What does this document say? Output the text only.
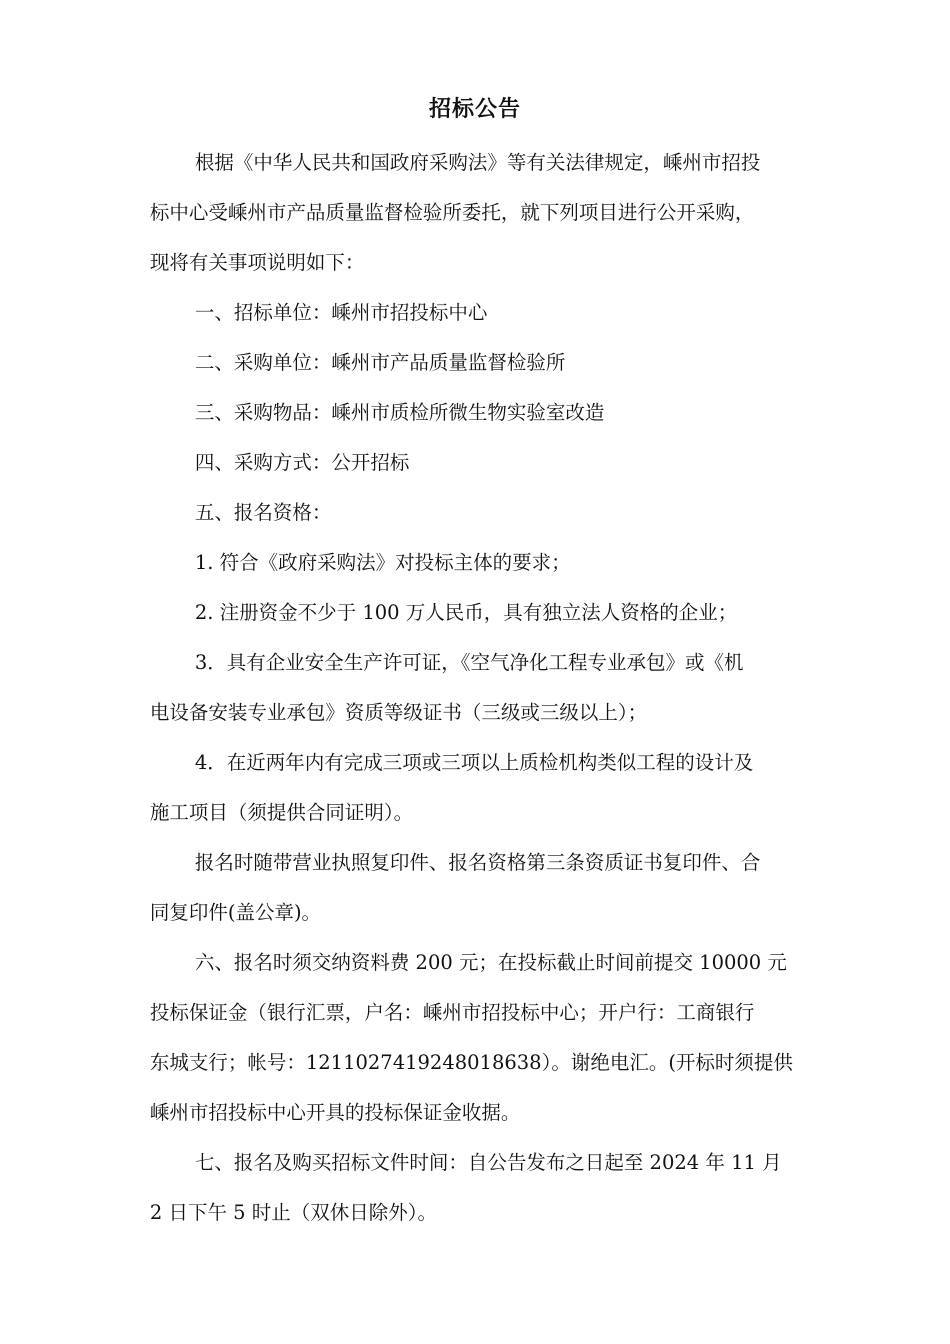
招标公告
根据《中华人民共和国政府采购法》等有关法律规定，嵊州市招投
标中心受嵊州市产品质量监督检验所委托，就下列项目进行公开采购，
现将有关事项说明如下：
一、招标单位：嵊州市招投标中心
二、采购单位：嵊州市产品质量监督检验所
三、采购物品：嵊州市质检所微生物实验室改造
四、采购方式：公开招标
五、报名资格：
1. 符合《政府采购法》对投标主体的要求；
2. 注册资金不少于 100 万人民币，具有独立法人资格的企业；
3．具有企业安全生产许可证，《空气净化工程专业承包》或《机
电设备安装专业承包》资质等级证书（三级或三级以上）；
4．在近两年内有完成三项或三项以上质检机构类似工程的设计及
施工项目（须提供合同证明）。
报名时随带营业执照复印件、报名资格第三条资质证书复印件、合
同复印件(盖公章)。
六、报名时须交纳资料费 200 元；在投标截止时间前提交 10000 元
投标保证金（银行汇票，户名：嵊州市招投标中心；开户行：工商银行
东城支行；帐号：1211027419248018638）。谢绝电汇。(开标时须提供
嵊州市招投标中心开具的投标保证金收据。
七、报名及购买招标文件时间：自公告发布之日起至 2024 年 11 月
2 日下午 5 时止（双休日除外）。
